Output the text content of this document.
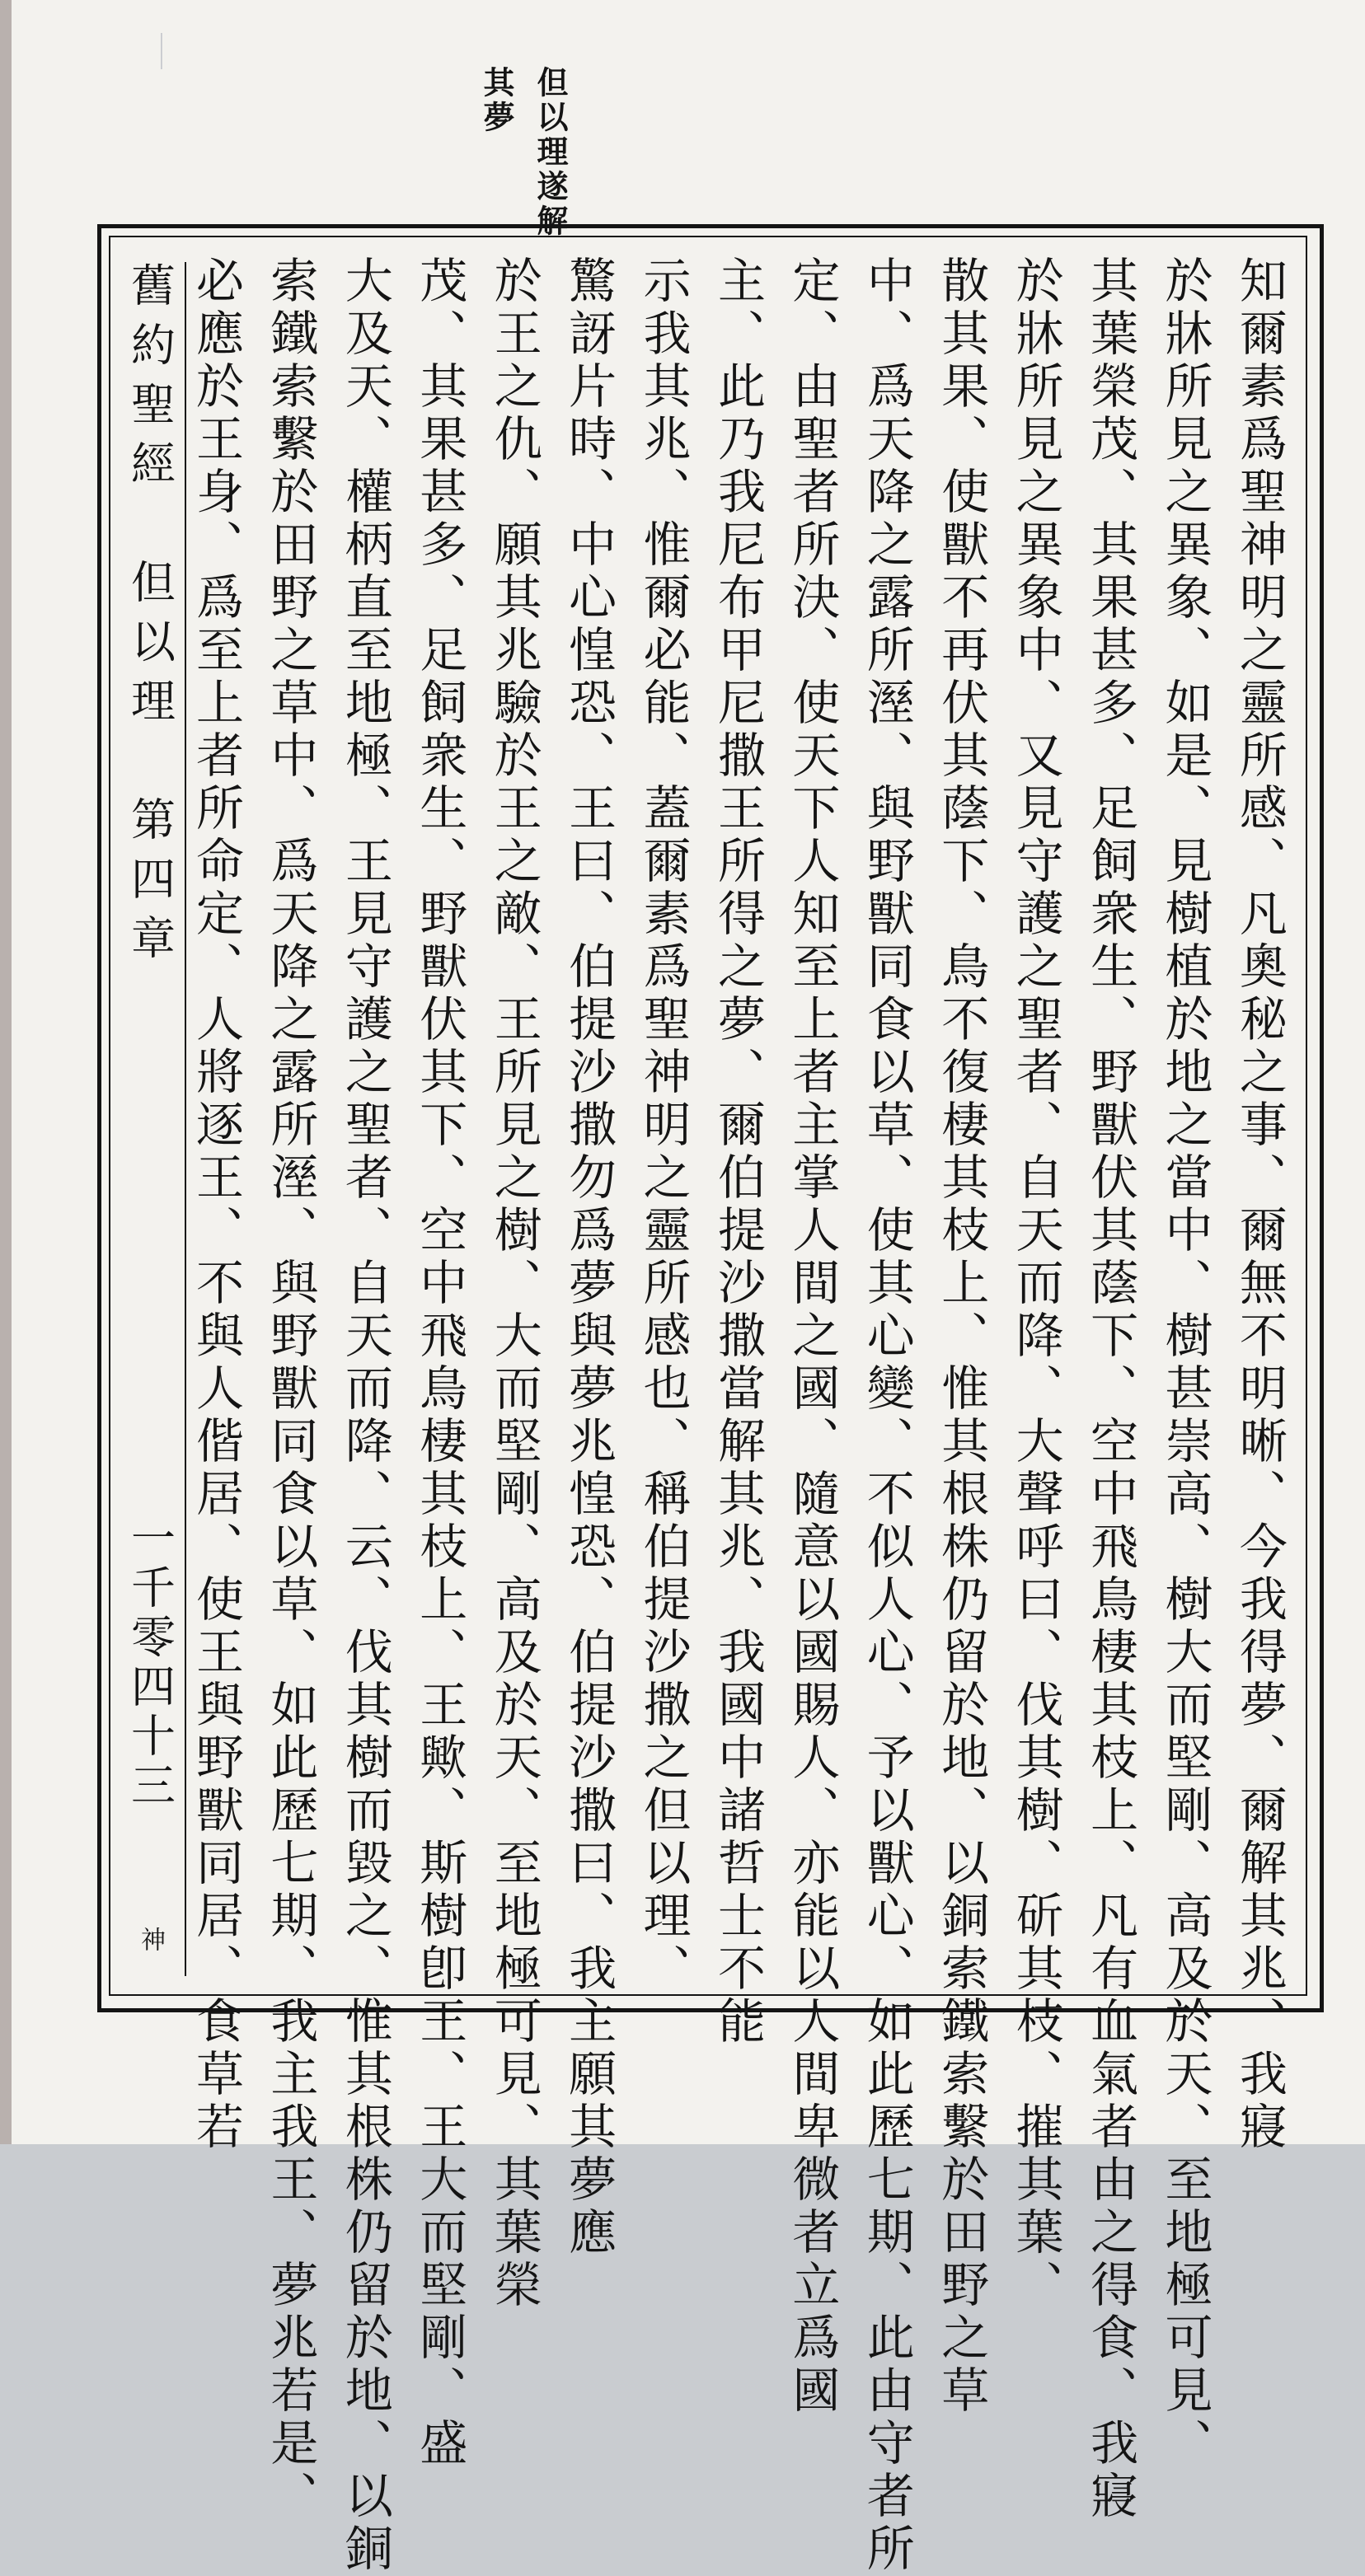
＿
但以理遂解
其夢
舊約聖經　但以理　第四章
一千零四十三
神	知爾素爲聖神明之靈所感、凡奧秘之事、爾無不明晰、今我得夢、爾解其兆、我寢
於牀所見之異象、如是、見樹植於地之當中、樹甚崇高、樹大而堅剛、高及於天、至地極可見、
其葉榮茂、其果甚多、足飼衆生、野獸伏其蔭下、空中飛鳥棲其枝上、凡有血氣者由之得食、我寢
於牀所見之異象中、又見守護之聖者、自天而降、大聲呼曰、伐其樹、斫其枝、摧其葉、
散其果、使獸不再伏其蔭下、鳥不復棲其枝上、惟其根株仍留於地、以銅索鐵索繫於田野之草
中、爲天降之露所溼、與野獸同食以草、使其心變、不似人心、予以獸心、如此歷七期、此由守者所
定、由聖者所決、使天下人知至上者主掌人間之國、隨意以國賜人、亦能以人間卑微者立爲國
主、此乃我尼布甲尼撒王所得之夢、爾伯提沙撒當解其兆、我國中諸哲士不能
示我其兆、惟爾必能、蓋爾素爲聖神明之靈所感也、稱伯提沙撒之但以理、
驚訝片時、中心惶恐、王曰、伯提沙撒勿爲夢與夢兆惶恐、伯提沙撒曰、我主願其夢應
於王之仇、願其兆驗於王之敵、王所見之樹、大而堅剛、高及於天、至地極可見、其葉榮
茂、其果甚多、足飼衆生、野獸伏其下、空中飛鳥棲其枝上、王歟、斯樹卽王、王大而堅剛、盛
大及天、權柄直至地極、王見守護之聖者、自天而降、云、伐其樹而毀之、惟其根株仍留於地、以銅
索鐵索繫於田野之草中、爲天降之露所溼、與野獸同食以草、如此歷七期、我主我王、夢兆若是、
必應於王身、爲至上者所命定、人將逐王、不與人偕居、使王與野獸同居、食草若
